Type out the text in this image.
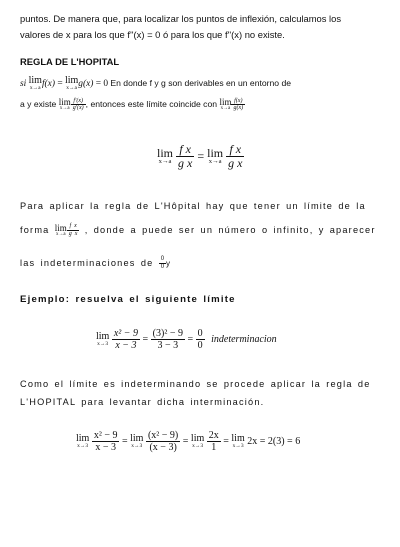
puntos. De manera que, para localizar los puntos de inflexión, calculamos los
valores de x para los que f''(x) = 0 ó para los que f''(x) no existe.
REGLA DE L'HOPITAL
si lim
x→a f(x) = lim
x→a g(x) = 0 En donde f y g son derivables en un entorno de
a y existe lim
$x\to a \frac{f'(x)}{g'(x)}$ , entonces este límite coincide con lim
$x\to a \frac{f(x)}{g(x)}$
lim
x→a
$\frac{\text{f x}}{\text{g x}} = \lim$
x→a
$\frac{\text{f x}}{\text{g x}}$
Para aplicar la regla de L'Hôpital hay que tener un límite de la
forma lim
$x\to a \frac{\text{f x}}{\text{g x}}$ , donde a puede ser un número o infinito, y aparecer
las indeterminaciones de $\frac{0}{0}$ y
Ejemplo: resuelva el siguiente límite
lim
x→3
$\frac{\text{x² − 9}}{x - 3} = \frac{\text{(3)² − 9}}{3 - 3} = \frac{0}{0}$ indeterminacion
Como el límite es indeterminando se procede aplicar la regla de
L'HOPITAL para levantar dicha interminación.
lim
x→3
$\frac{\text{x² − 9}}{x - 3} = \lim$
x→3
$\frac{\text{(x² − 9)}}{(x - 3)} = \lim$
x→3
$\frac{2x}{1} = \lim$
x→3 2x = 2(3) = 6
